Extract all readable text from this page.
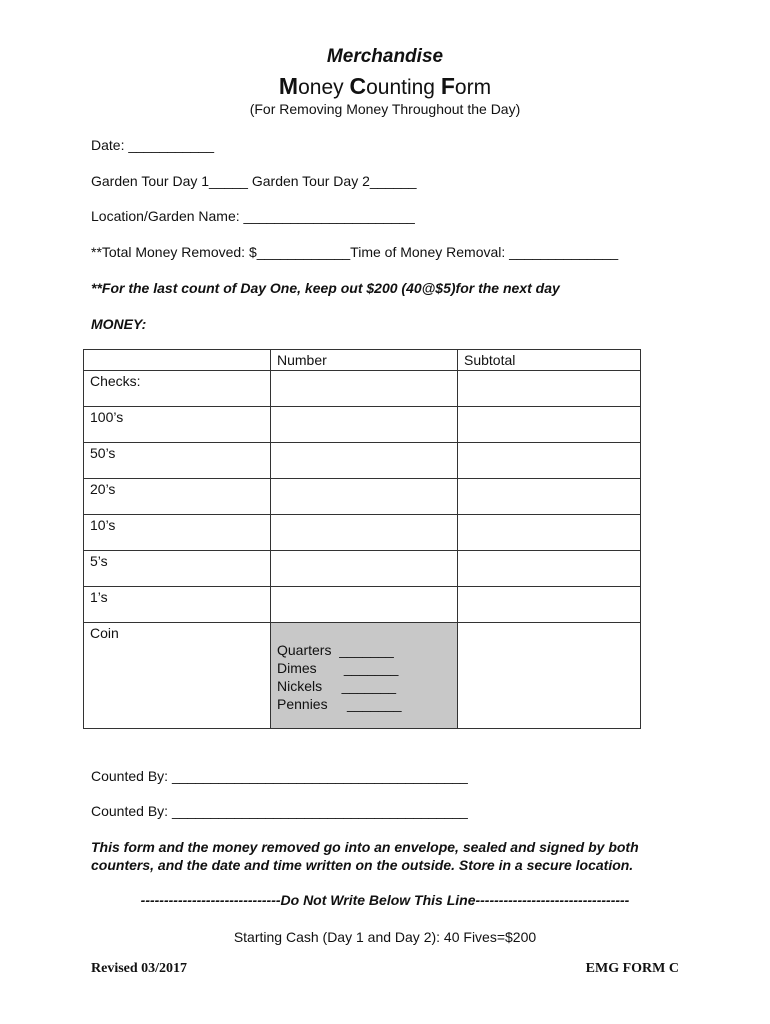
Merchandise
Money Counting Form
(For Removing Money Throughout the Day)
Date: ___________
Garden Tour Day 1_____ Garden Tour Day 2______
Location/Garden Name: ______________________
**Total Money Removed: $____________Time of Money Removal: ______________
**For the last count of Day One, keep out $200 (40@$5)for the next day
MONEY:
	Number	Subtotal
Checks:		
100’s		
50’s		
20’s		
10’s		
5’s		
1’s		
Coin	Quarters  _______
Dimes       _______
Nickels     _______
Pennies     _______	

Counted By: ______________________________________
Counted By: ______________________________________
This form and the money removed go into an envelope, sealed and signed by both counters, and the date and time written on the outside. Store in a secure location.
------------------------------Do Not Write Below This Line---------------------------------
Starting Cash (Day 1 and Day 2): 40 Fives=$200
Revised 03/2017	EMG FORM C
